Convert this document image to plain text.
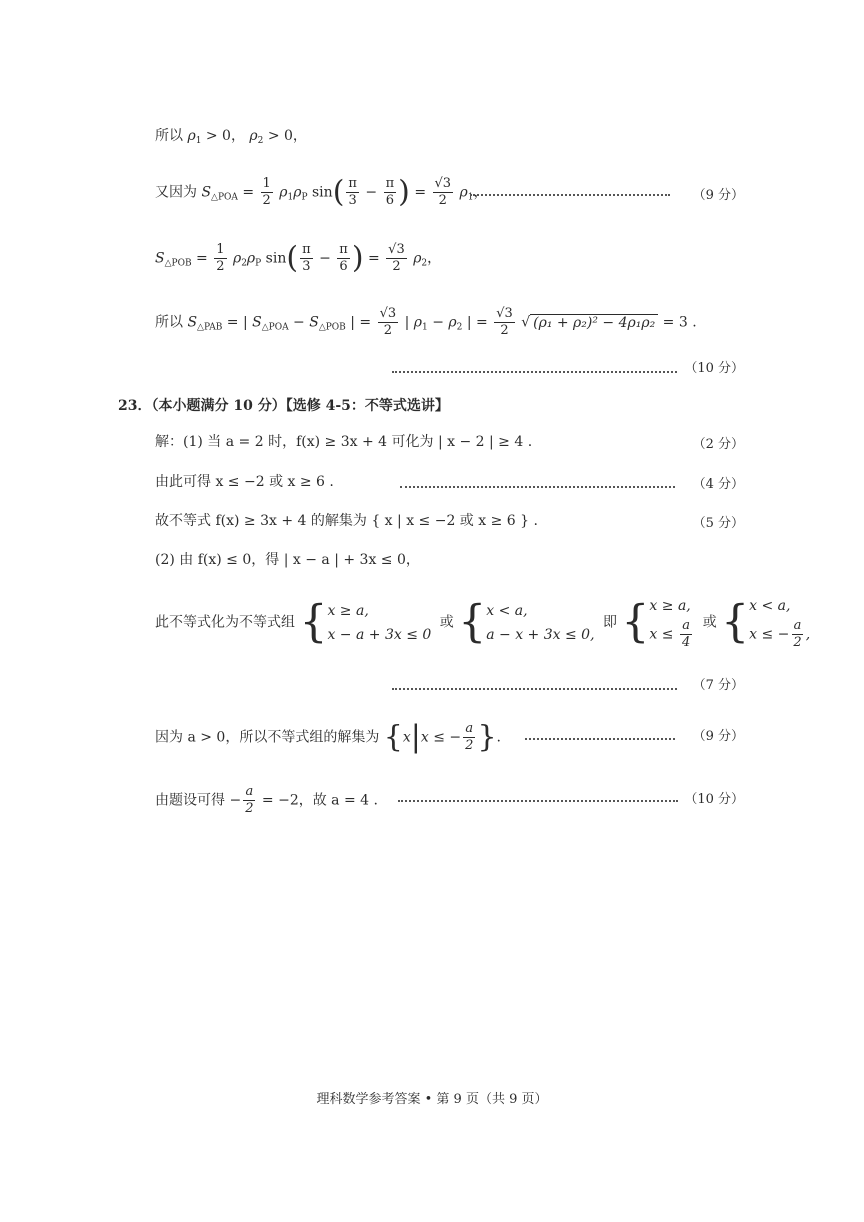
所以 $\rho_1 > 0$， $\rho_2 > 0$，
又因为 $S_{\triangle POA} = \frac{1}{2} \rho_1\rho_P$ $\sin( \frac{\pi}{3} - \frac{\pi}{6}$ ) = $\frac{√3}{2} \rho_1$，	（9 分）
$S_{\triangle POB} = \frac{1}{2} \rho_2\rho_P$ $\sin( \frac{\pi}{3} - \frac{\pi}{6}$ ) = $\frac{√3}{2} \rho_2$，
所以 $S_{\triangle PAB}$ = | $S_{\triangle POA} - S_{\triangle POB}$ | = $\frac{√3}{2}$ | $\rho_1 - \rho_2$ | = $\frac{√3}{2}$ √ (ρ₁ + ρ₂)² − 4ρ₁ρ₂ = 3 .
（10 分）
23．（本小题满分 10 分）【选修 4-5：不等式选讲】
解：(1) 当 a = 2 时，f(x) ≥ 3x + 4 可化为 | x − 2 | ≥ 4 .	（2 分）
由此可得 x ≤ −2 或 x ≥ 6 .	（4 分）
故不等式 f(x) ≥ 3x + 4 的解集为 { x | x ≤ −2 或 x ≥ 6 } .	（5 分）
(2) 由 f(x) ≤ 0，得 | x − a | + 3x ≤ 0，
此不等式化为不等式组 { x ≥ a,
x − a + 3x ≤ 0
或 { x < a,
a − x + 3x ≤ 0,
即 { x ≥ a,
$x \le \frac{a}{4}$ 或 { x < a,
x ≤ − $\frac{a}{2}$ ,
（7 分）
因为 a > 0，所以不等式组的解集为 {x|x ≤ − $\frac{a}{2}$ }.	（9 分）
由题设可得 − $\frac{a}{2} = -2$，故 a = 4 .	（10 分）
理科数学参考答案 • 第 9 页（共 9 页）
